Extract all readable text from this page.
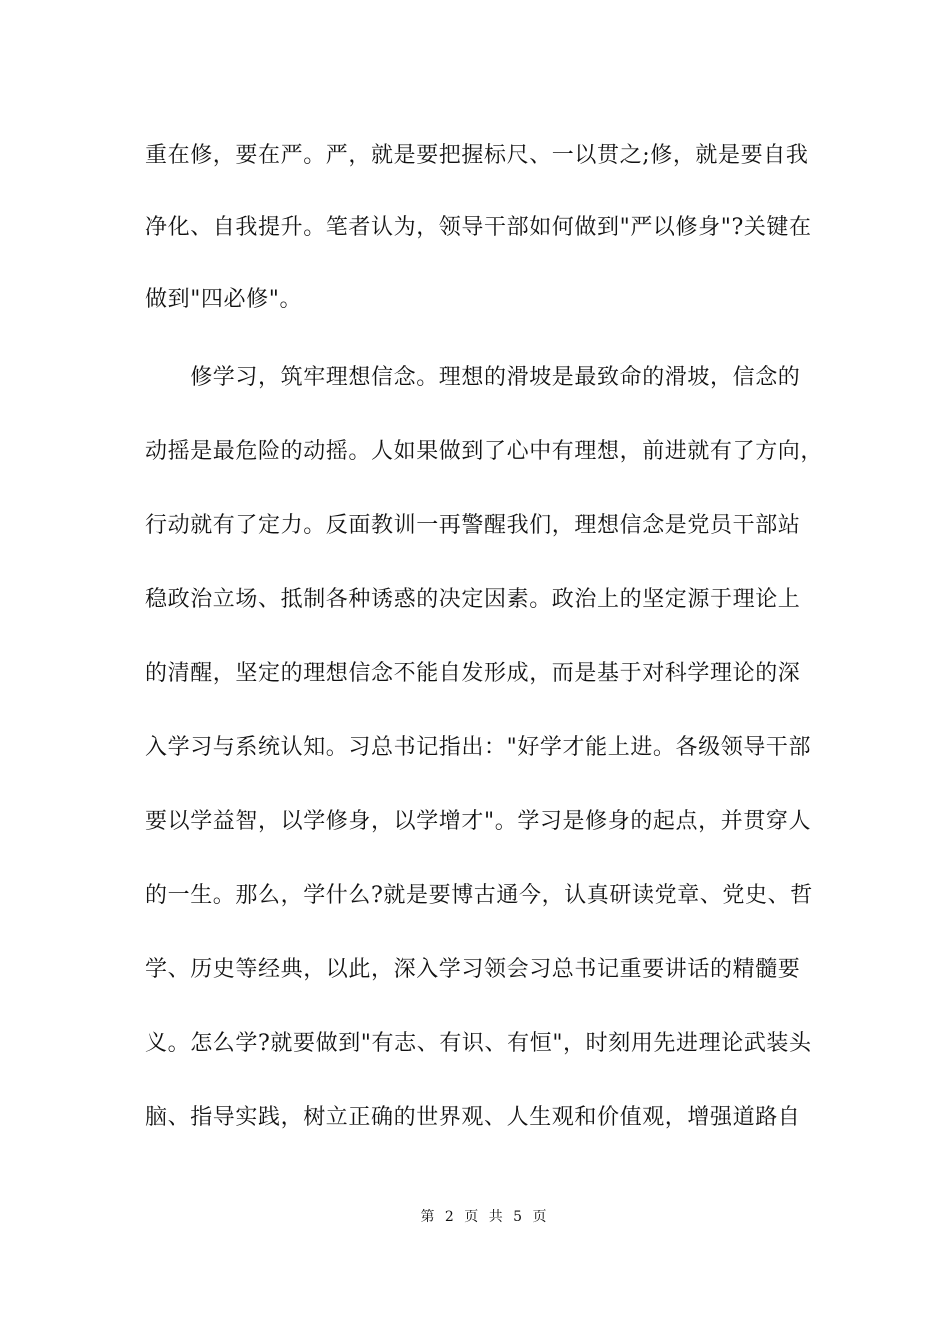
重在修，要在严。严，就是要把握标尺、一以贯之;修，就是要自我
净化、自我提升。笔者认为，领导干部如何做到"严以修身"?关键在
做到"四必修"。
　　修学习，筑牢理想信念。理想的滑坡是最致命的滑坡，信念的
动摇是最危险的动摇。人如果做到了心中有理想，前进就有了方向，
行动就有了定力。反面教训一再警醒我们，理想信念是党员干部站
稳政治立场、抵制各种诱惑的决定因素。政治上的坚定源于理论上
的清醒，坚定的理想信念不能自发形成，而是基于对科学理论的深
入学习与系统认知。习总书记指出："好学才能上进。各级领导干部
要以学益智，以学修身，以学增才"。学习是修身的起点，并贯穿人
的一生。那么，学什么?就是要博古通今，认真研读党章、党史、哲
学、历史等经典，以此，深入学习领会习总书记重要讲话的精髓要
义。怎么学?就要做到"有志、有识、有恒"，时刻用先进理论武装头
脑、指导实践，树立正确的世界观、人生观和价值观，增强道路自
第 2 页 共 5 页
